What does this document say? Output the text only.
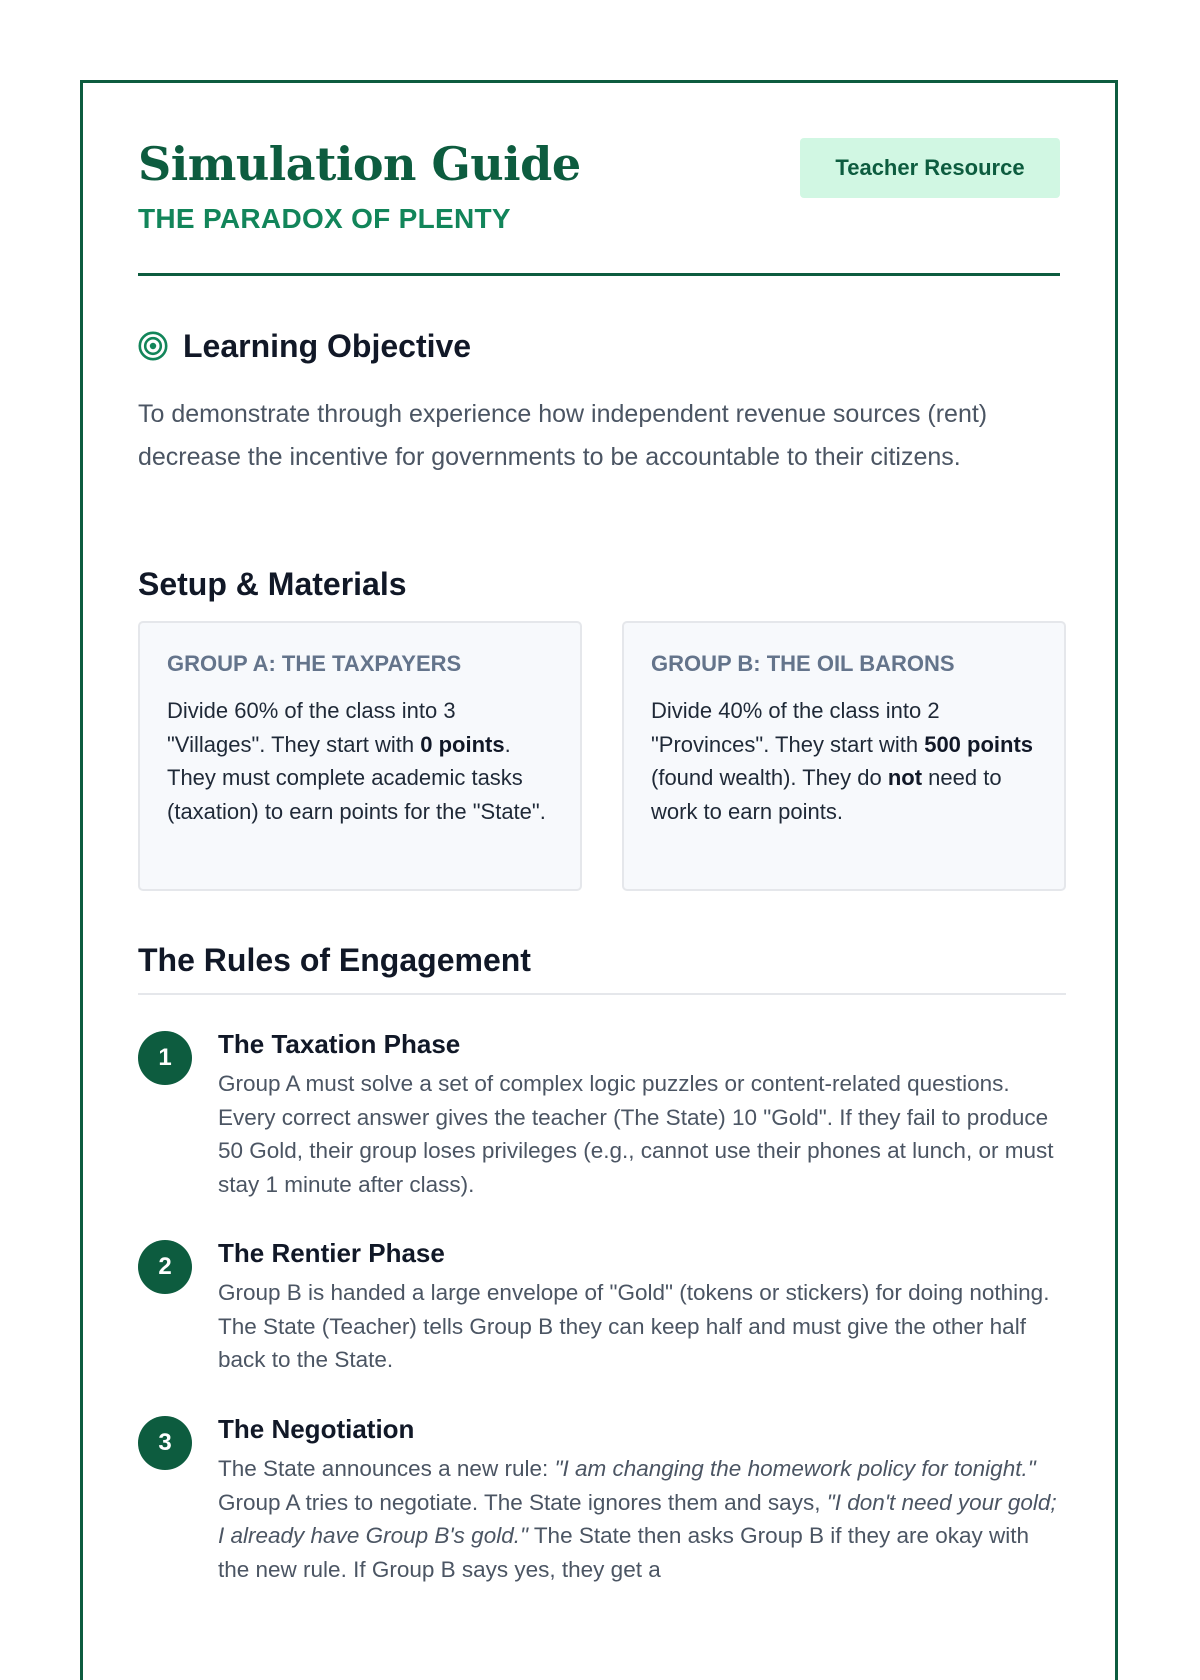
Simulation Guide
THE PARADOX OF PLENTY
Teacher Resource
Learning Objective

To demonstrate through experience how independent revenue sources (rent) decrease the incentive for governments to be accountable to their citizens.

Setup & Materials
GROUP A: THE TAXPAYERS

Divide 60% of the class into 3 "Villages". They start with 0 points. They must complete academic tasks (taxation) to earn points for the "State".

GROUP B: THE OIL BARONS

Divide 40% of the class into 2 "Provinces". They start with 500 points (found wealth). They do not need to work to earn points.

The Rules of Engagement
1	The Taxation Phase

Group A must solve a set of complex logic puzzles or content-related questions. Every correct answer gives the teacher (The State) 10 "Gold". If they fail to produce 50 Gold, their group loses privileges (e.g., cannot use their phones at lunch, or must stay 1 minute after class).

2	The Rentier Phase

Group B is handed a large envelope of "Gold" (tokens or stickers) for doing nothing. The State (Teacher) tells Group B they can keep half and must give the other half back to the State.

3	The Negotiation

The State announces a new rule: "I am changing the homework policy for tonight." Group A tries to negotiate. The State ignores them and says, "I don't need your gold; I already have Group B's gold." The State then asks Group B if they are okay with the new rule. If Group B says yes, they get a
